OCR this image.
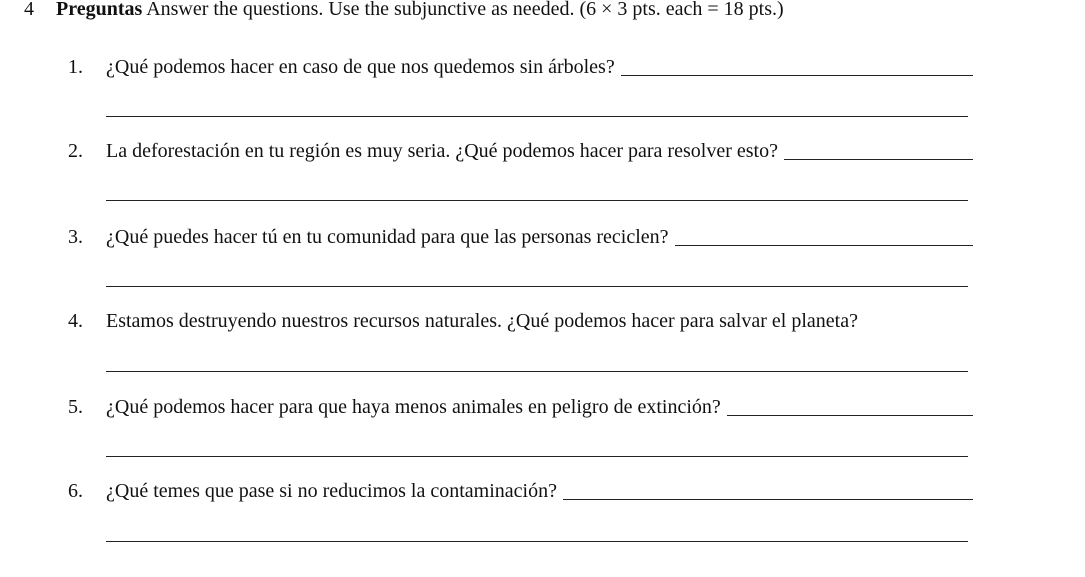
4 Preguntas Answer the questions. Use the subjunctive as needed. (6 × 3 pts. each = 18 pts.)
1.	¿Qué podemos hacer en caso de que nos quedemos sin árboles?
2.	La deforestación en tu región es muy seria. ¿Qué podemos hacer para resolver esto?
3.	¿Qué puedes hacer tú en tu comunidad para que las personas reciclen?
4.	Estamos destruyendo nuestros recursos naturales. ¿Qué podemos hacer para salvar el planeta?
5.	¿Qué podemos hacer para que haya menos animales en peligro de extinción?
6.	¿Qué temes que pase si no reducimos la contaminación?
